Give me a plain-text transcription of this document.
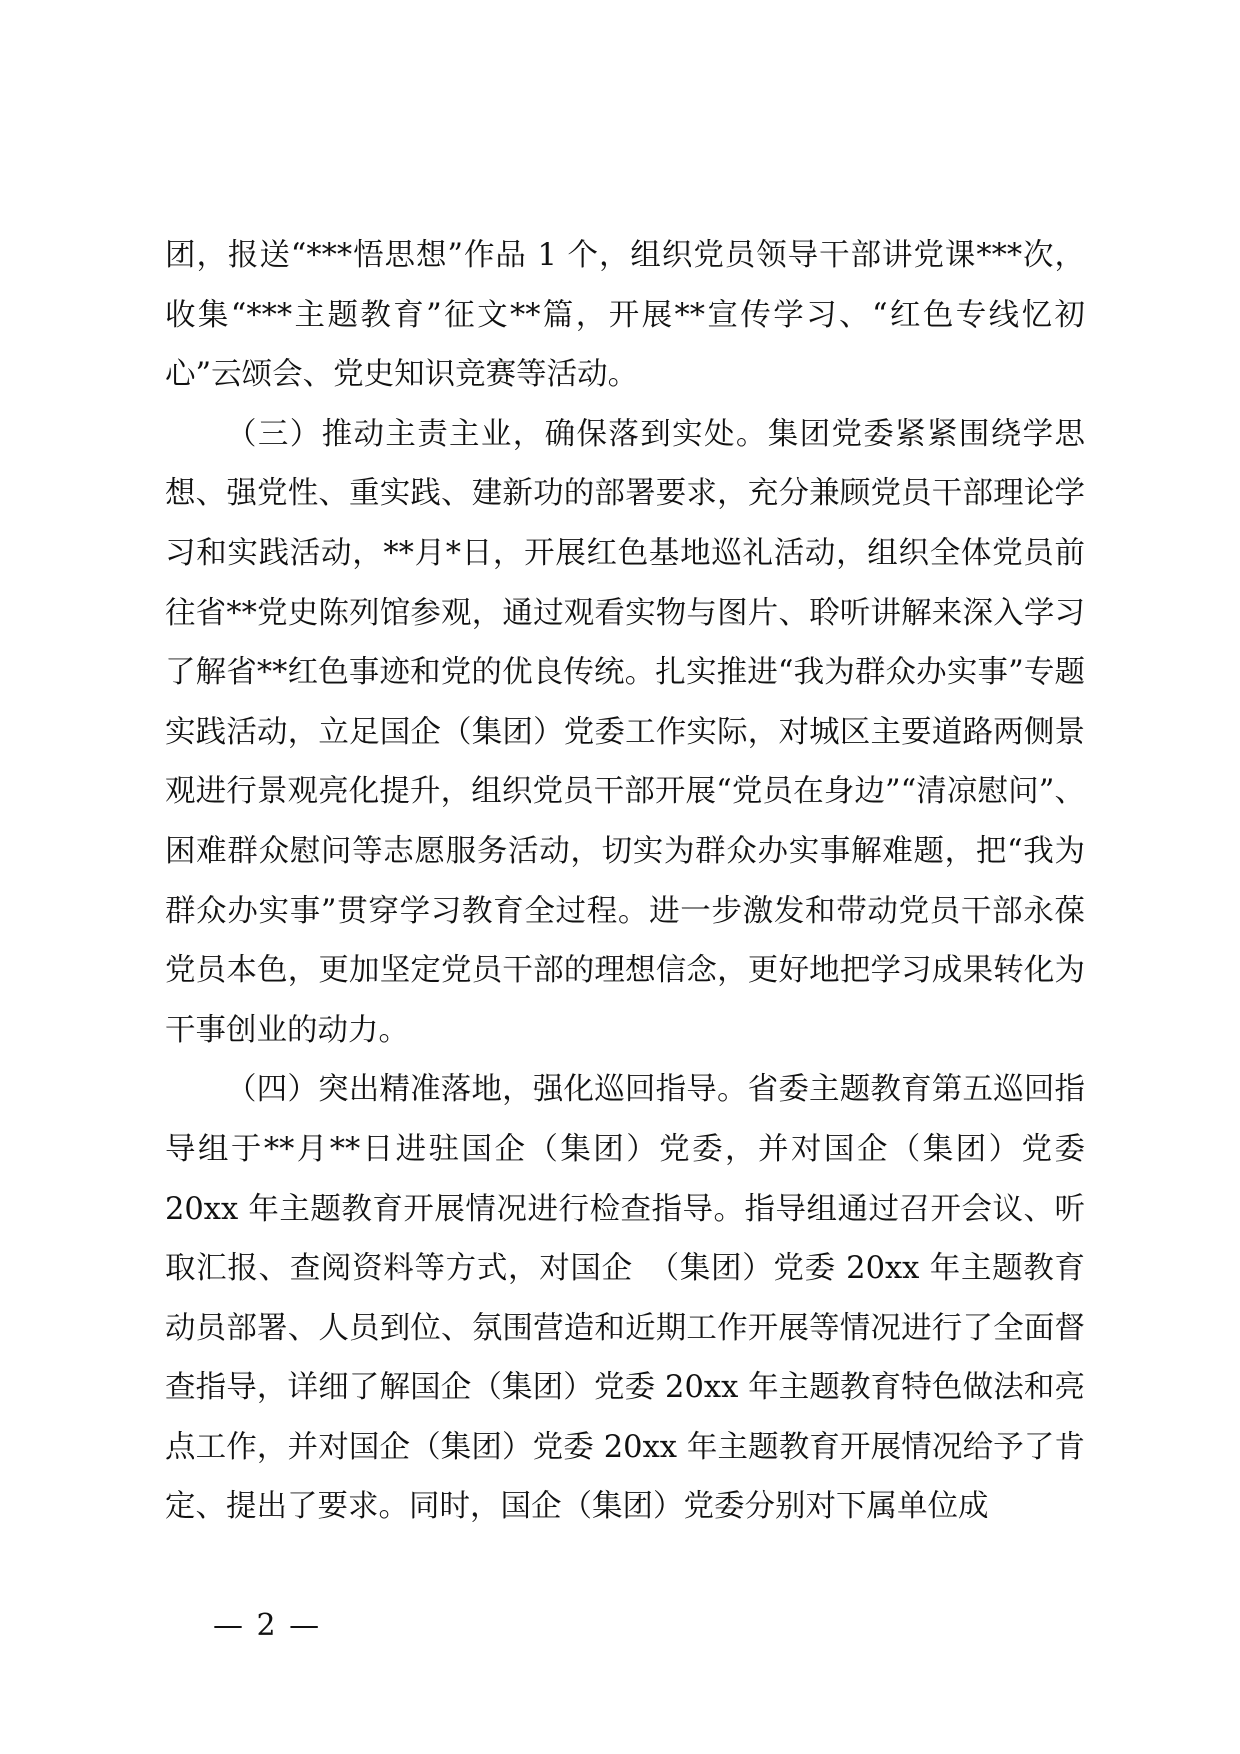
团，报送“***悟思想”作品 1 个，组织党员领导干部讲党课***次，收集“***主题教育”征文**篇，开展**宣传学习、“红色专线忆初心”云颂会、党史知识竞赛等活动。

（三）推动主责主业，确保落到实处。集团党委紧紧围绕学思想、强党性、重实践、建新功的部署要求，充分兼顾党员干部理论学习和实践活动，**月*日，开展红色基地巡礼活动，组织全体党员前往省**党史陈列馆参观，通过观看实物与图片、聆听讲解来深入学习了解省**红色事迹和党的优良传统。扎实推进“我为群众办实事”专题实践活动，立足国企（集团）党委工作实际，对城区主要道路两侧景观进行景观亮化提升，组织党员干部开展“党员在身边”“清凉慰问”、困难群众慰问等志愿服务活动，切实为群众办实事解难题，把“我为群众办实事”贯穿学习教育全过程。进一步激发和带动党员干部永葆党员本色，更加坚定党员干部的理想信念，更好地把学习成果转化为干事创业的动力。

（四）突出精准落地，强化巡回指导。省委主题教育第五巡回指导组于**月**日进驻国企（集团）党委，并对国企（集团）党委 20xx 年主题教育开展情况进行检查指导。指导组通过召开会议、听取汇报、查阅资料等方式，对国企　（集团）党委 20xx 年主题教育动员部署、人员到位、氛围营造和近期工作开展等情况进行了全面督查指导，详细了解国企（集团）党委 20xx 年主题教育特色做法和亮点工作，并对国企（集团）党委 20xx 年主题教育开展情况给予了肯定、提出了要求。同时，国企（集团）党委分别对下属单位成

— 2 —
